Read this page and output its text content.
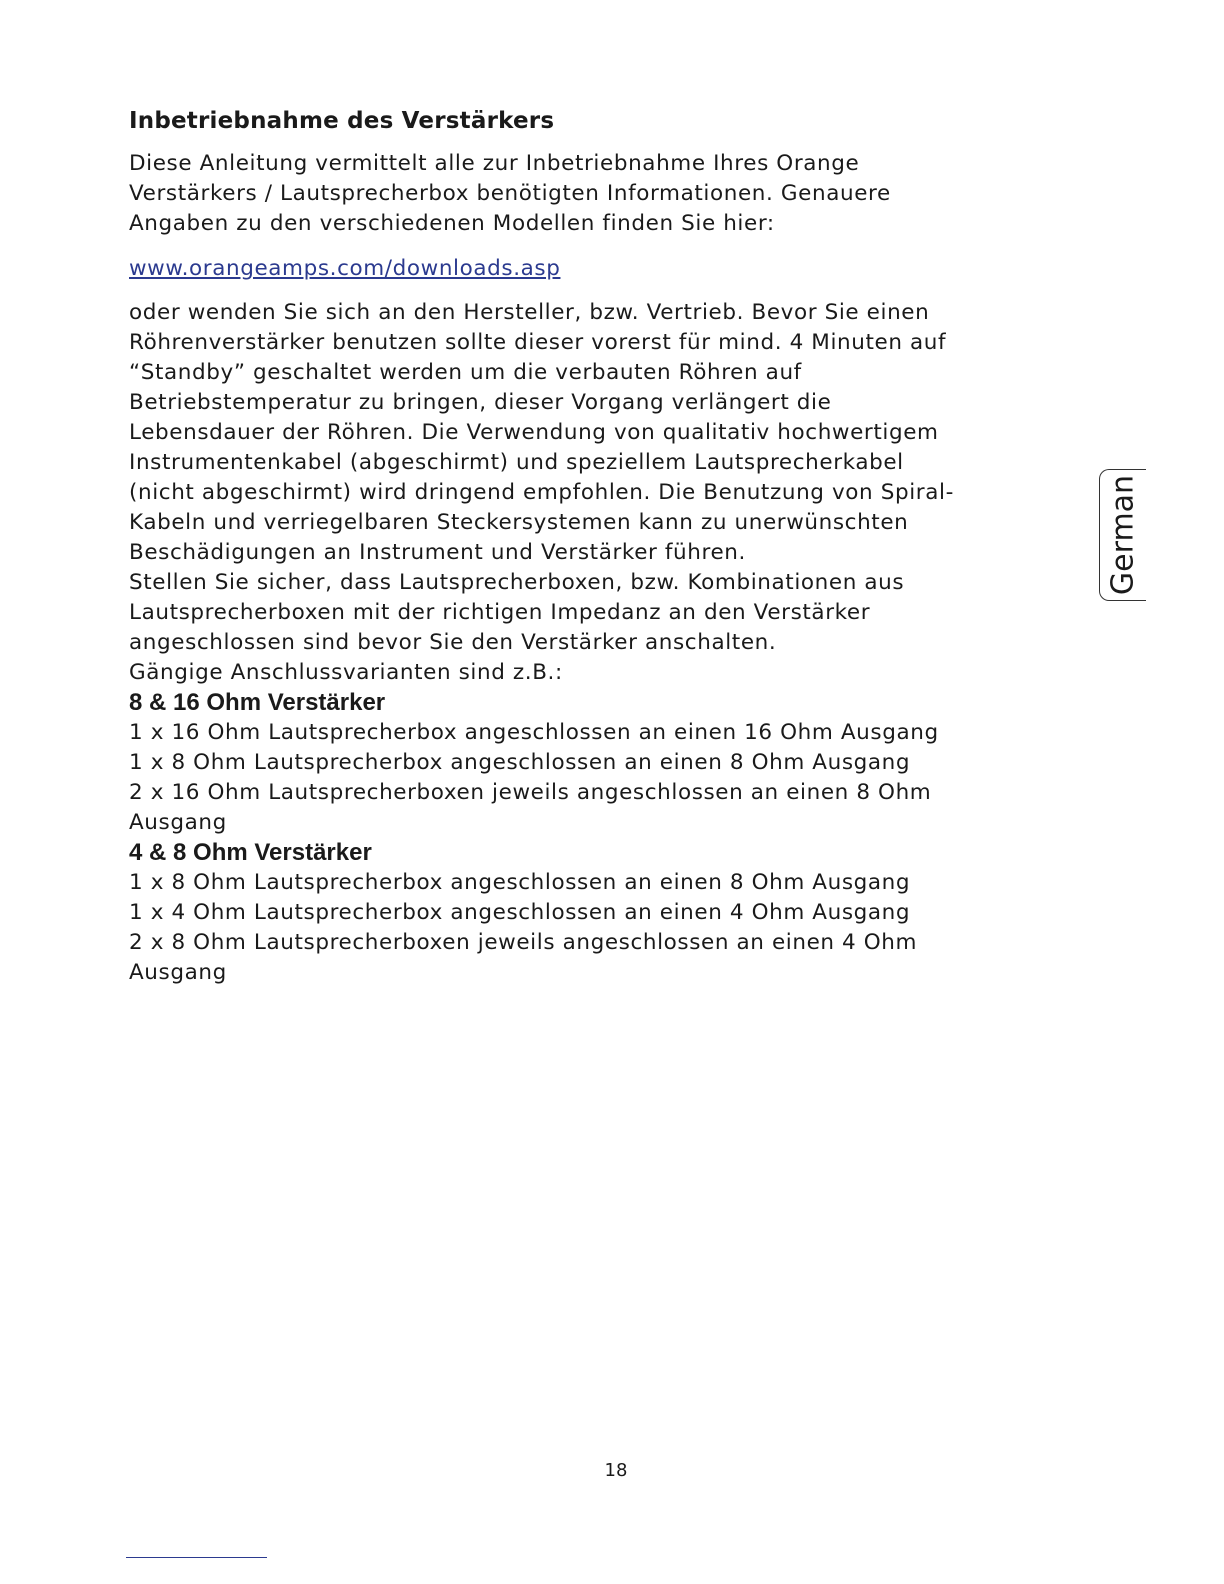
Inbetriebnahme des Verstärkers

Diese Anleitung vermittelt alle zur Inbetriebnahme Ihres Orange
Verstärkers / Lautsprecherbox benötigten Informationen. Genauere
Angaben zu den verschiedenen Modellen finden Sie hier:

www.orangeamps.com/downloads.asp

oder wenden Sie sich an den Hersteller, bzw. Vertrieb. Bevor Sie einen
Röhrenverstärker benutzen sollte dieser vorerst für mind. 4 Minuten auf
“Standby” geschaltet werden um die verbauten Röhren auf
Betriebstemperatur zu bringen, dieser Vorgang verlängert die
Lebensdauer der Röhren. Die Verwendung von qualitativ hochwertigem
Instrumentenkabel (abgeschirmt) und speziellem Lautsprecherkabel
(nicht abgeschirmt) wird dringend empfohlen. Die Benutzung von Spiral-
Kabeln und verriegelbaren Steckersystemen kann zu unerwünschten
Beschädigungen an Instrument und Verstärker führen.
Stellen Sie sicher, dass Lautsprecherboxen, bzw. Kombinationen aus
Lautsprecherboxen mit der richtigen Impedanz an den Verstärker
angeschlossen sind bevor Sie den Verstärker anschalten.
Gängige Anschlussvarianten sind z.B.:

8 & 16 Ohm Verstärker
1 x 16 Ohm Lautsprecherbox angeschlossen an einen 16 Ohm Ausgang
1 x 8 Ohm Lautsprecherbox angeschlossen an einen 8 Ohm Ausgang
2 x 16 Ohm Lautsprecherboxen jeweils angeschlossen an einen 8 Ohm
Ausgang
4 & 8 Ohm Verstärker
1 x 8 Ohm Lautsprecherbox angeschlossen an einen 8 Ohm Ausgang
1 x 4 Ohm Lautsprecherbox angeschlossen an einen 4 Ohm Ausgang
2 x 8 Ohm Lautsprecherboxen jeweils angeschlossen an einen 4 Ohm
Ausgang
German
18
